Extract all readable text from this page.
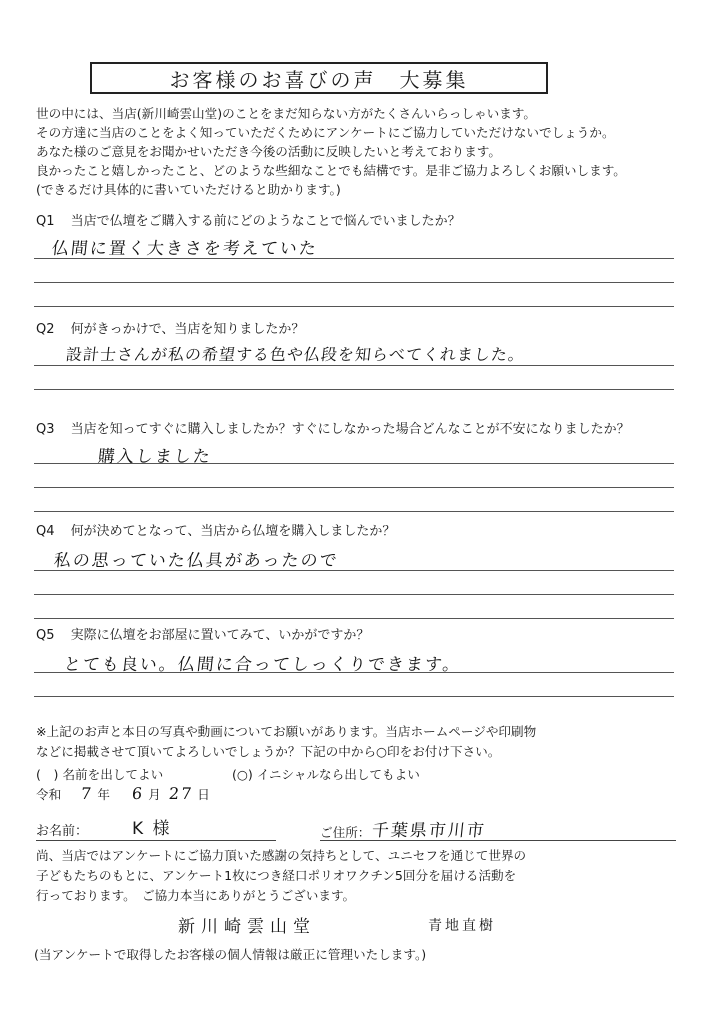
お客様のお喜びの声　大募集
世の中には、当店(新川崎雲山堂)のことをまだ知らない方がたくさんいらっしゃいます。
その方達に当店のことをよく知っていただくためにアンケートにご協力していただけないでしょうか。
あなた様のご意見をお聞かせいただき今後の活動に反映したいと考えております。
良かったこと嬉しかったこと、どのような些細なことでも結構です。是非ご協力よろしくお願いします。
(できるだけ具体的に書いていただけると助かります。)
Q1 当店で仏壇をご購入する前にどのようなことで悩んでいましたか？
仏間に置く大きさを考えていた
Q2 何がきっかけで、当店を知りましたか？
設計士さんが私の希望する色や仏段を知らべてくれました。
Q3 当店を知ってすぐに購入しましたか？すぐにしなかった場合どんなことが不安になりましたか？
購入しました
Q4 何が決めてとなって、当店から仏壇を購入しましたか？
私の思っていた仏具があったので
Q5 実際に仏壇をお部屋に置いてみて、いかがですか？
とても良い。仏間に合ってしっくりできます。
※上記のお声と本日の写真や動画についてお願いがあります。当店ホームページや印刷物
などに掲載させて頂いてよろしいでしょうか？下記の中から○印をお付け下さい。
(　) 名前を出してよい	(○) イニシャルなら出してもよい
令和 7 年 6 月 27 日
お名前：	K 様	ご住所： 千葉県市川市
尚、当店ではアンケートにご協力頂いた感謝の気持ちとして、ユニセフを通じて世界の
子どもたちのもとに、アンケート1枚につき経口ポリオワクチン5回分を届ける活動を
行っております。　ご協力本当にありがとうございます。
新川崎雲山堂	青地直樹
(当アンケートで取得したお客様の個人情報は厳正に管理いたします。)
